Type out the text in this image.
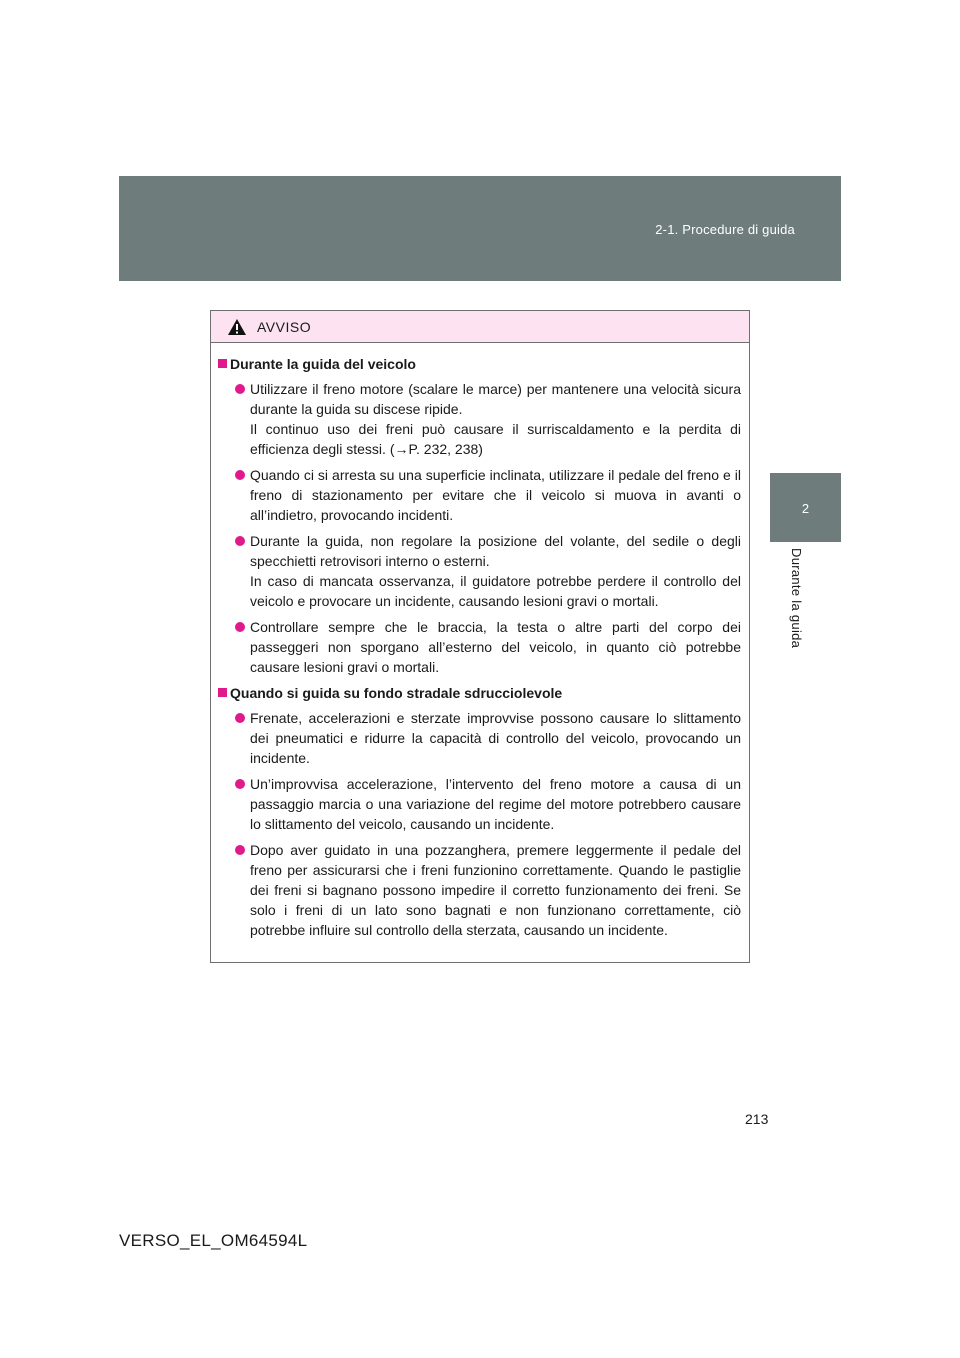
2-1. Procedure di guida
2
Durante la guida
AVVISO
Durante la guida del veicolo
Utilizzare il freno motore (scalare le marce) per mantenere una velocità sicura durante la guida su discese ripide.
Il continuo uso dei freni può causare il surriscaldamento e la perdita di efficienza degli stessi. (→P. 232, 238)
Quando ci si arresta su una superficie inclinata, utilizzare il pedale del freno e il freno di stazionamento per evitare che il veicolo si muova in avanti o all’indietro, provocando incidenti.
Durante la guida, non regolare la posizione del volante, del sedile o degli specchietti retrovisori interno o esterni.
In caso di mancata osservanza, il guidatore potrebbe perdere il controllo del veicolo e provocare un incidente, causando lesioni gravi o mortali.
Controllare sempre che le braccia, la testa o altre parti del corpo dei passeggeri non sporgano all’esterno del veicolo, in quanto ciò potrebbe causare lesioni gravi o mortali.
Quando si guida su fondo stradale sdrucciolevole
Frenate, accelerazioni e sterzate improvvise possono causare lo slittamento dei pneumatici e ridurre la capacità di controllo del veicolo, provocando un incidente.
Un’improvvisa accelerazione, l’intervento del freno motore a causa di un passaggio marcia o una variazione del regime del motore potrebbero causare lo slittamento del veicolo, causando un incidente.
Dopo aver guidato in una pozzanghera, premere leggermente il pedale del freno per assicurarsi che i freni funzionino correttamente. Quando le pastiglie dei freni si bagnano possono impedire il corretto funzionamento dei freni. Se solo i freni di un lato sono bagnati e non funzionano correttamente, ciò potrebbe influire sul controllo della sterzata, causando un incidente.
213
VERSO_EL_OM64594L
